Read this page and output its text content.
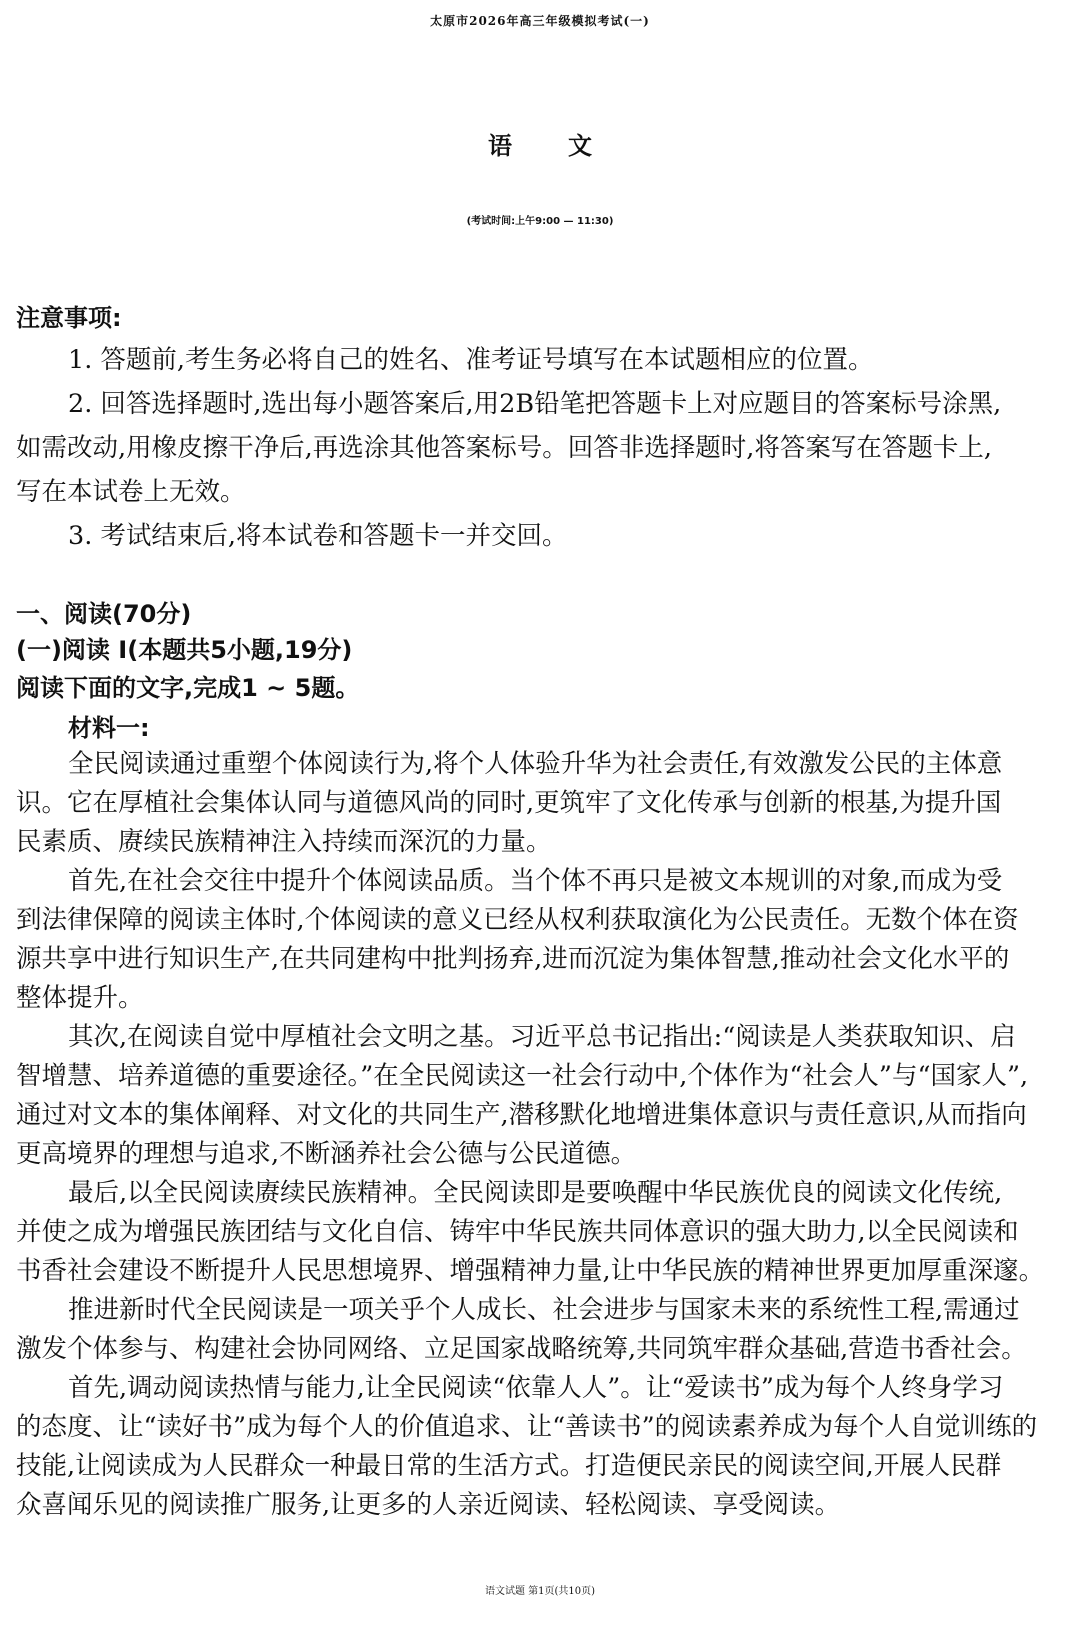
太原市2026年高三年级模拟考试(一)
语文
(考试时间:上午9:00 — 11:30)
注意事项:
1. 答题前,考生务必将自己的姓名、准考证号填写在本试题相应的位置。
2. 回答选择题时,选出每小题答案后,用2B铅笔把答题卡上对应题目的答案标号涂黑,
如需改动,用橡皮擦干净后,再选涂其他答案标号。回答非选择题时,将答案写在答题卡上,
写在本试卷上无效。
3. 考试结束后,将本试卷和答题卡一并交回。
一、阅读(70分)
(一)阅读 I(本题共5小题,19分)
阅读下面的文字,完成1 ~ 5题。
材料一:
全民阅读通过重塑个体阅读行为,将个人体验升华为社会责任,有效激发公民的主体意
识。它在厚植社会集体认同与道德风尚的同时,更筑牢了文化传承与创新的根基,为提升国
民素质、赓续民族精神注入持续而深沉的力量。
首先,在社会交往中提升个体阅读品质。当个体不再只是被文本规训的对象,而成为受
到法律保障的阅读主体时,个体阅读的意义已经从权利获取演化为公民责任。无数个体在资
源共享中进行知识生产,在共同建构中批判扬弃,进而沉淀为集体智慧,推动社会文化水平的
整体提升。
其次,在阅读自觉中厚植社会文明之基。习近平总书记指出:“阅读是人类获取知识、启
智增慧、培养道德的重要途径。”在全民阅读这一社会行动中,个体作为“社会人”与“国家人”,
通过对文本的集体阐释、对文化的共同生产,潜移默化地增进集体意识与责任意识,从而指向
更高境界的理想与追求,不断涵养社会公德与公民道德。
最后,以全民阅读赓续民族精神。全民阅读即是要唤醒中华民族优良的阅读文化传统,
并使之成为增强民族团结与文化自信、铸牢中华民族共同体意识的强大助力,以全民阅读和
书香社会建设不断提升人民思想境界、增强精神力量,让中华民族的精神世界更加厚重深邃。
推进新时代全民阅读是一项关乎个人成长、社会进步与国家未来的系统性工程,需通过
激发个体参与、构建社会协同网络、立足国家战略统筹,共同筑牢群众基础,营造书香社会。
首先,调动阅读热情与能力,让全民阅读“依靠人人”。让“爱读书”成为每个人终身学习
的态度、让“读好书”成为每个人的价值追求、让“善读书”的阅读素养成为每个人自觉训练的
技能,让阅读成为人民群众一种最日常的生活方式。打造便民亲民的阅读空间,开展人民群
众喜闻乐见的阅读推广服务,让更多的人亲近阅读、轻松阅读、享受阅读。
语文试题 第1页(共10页)
